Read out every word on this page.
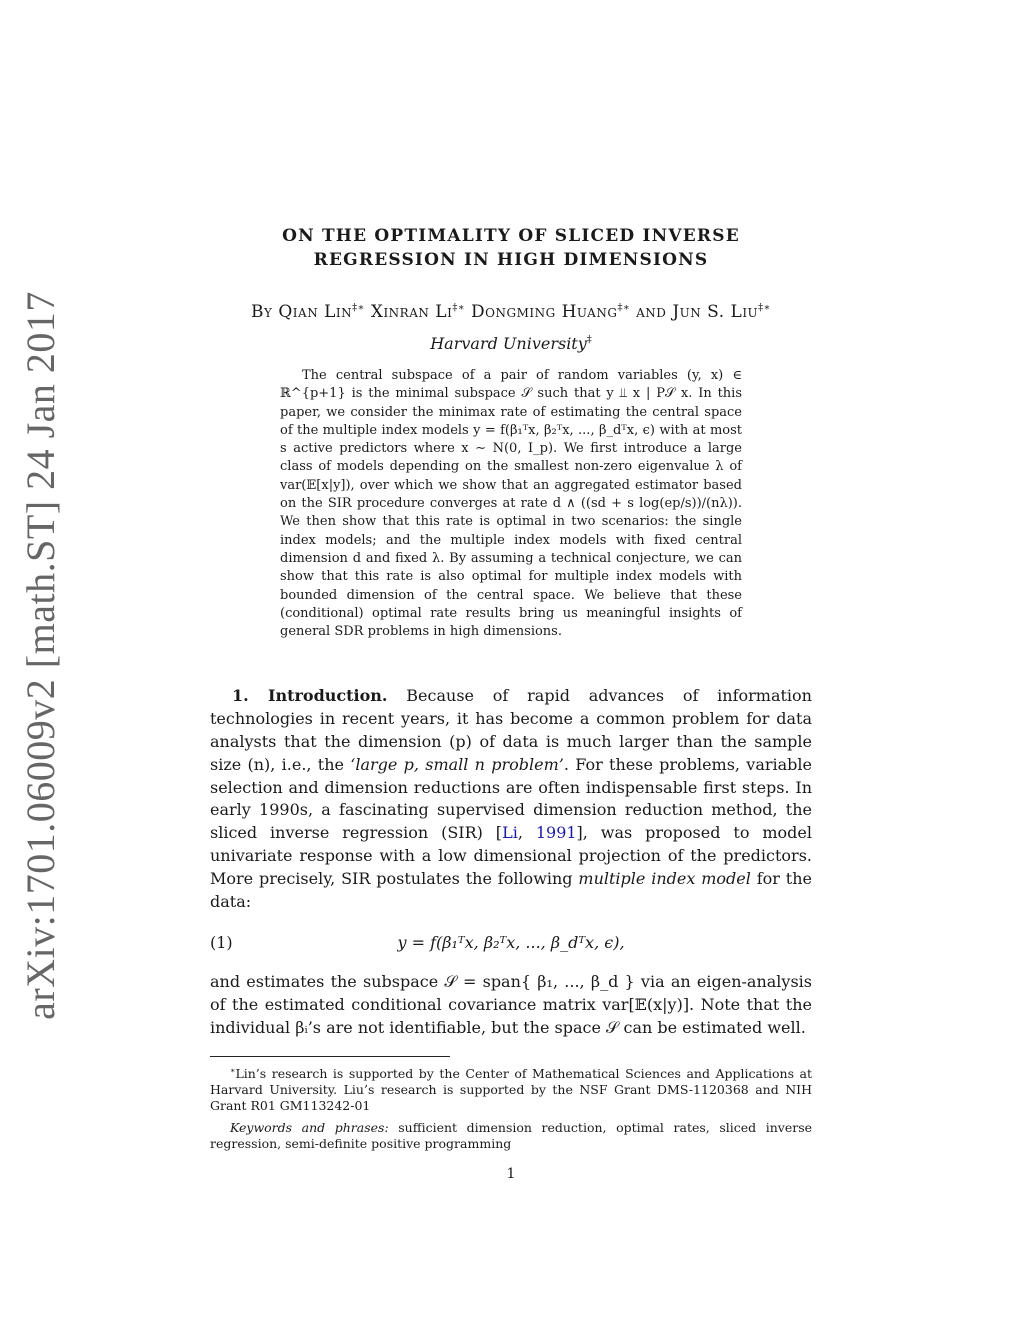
arXiv:1701.06009v2 [math.ST] 24 Jan 2017
ON THE OPTIMALITY OF SLICED INVERSE
REGRESSION IN HIGH DIMENSIONS
By Qian Lin‡∗ Xinran Li‡∗ Dongming Huang‡∗ and Jun S. Liu‡∗
Harvard University‡
The central subspace of a pair of random variables (y, x) ∈ ℝ^{p+1} is the minimal subspace 𝒮 such that y ⫫ x | P𝒮 x. In this paper, we consider the minimax rate of estimating the central space of the multiple index models y = f(β₁ᵀx, β₂ᵀx, ..., β_dᵀx, ϵ) with at most s active predictors where x ∼ N(0, I_p). We first introduce a large class of models depending on the smallest non-zero eigenvalue λ of var(𝔼[x|y]), over which we show that an aggregated estimator based on the SIR procedure converges at rate d ∧ ((sd + s log(ep/s))/(nλ)). We then show that this rate is optimal in two scenarios: the single index models; and the multiple index models with fixed central dimension d and fixed λ. By assuming a technical conjecture, we can show that this rate is also optimal for multiple index models with bounded dimension of the central space. We believe that these (conditional) optimal rate results bring us meaningful insights of general SDR problems in high dimensions.
1. Introduction. Because of rapid advances of information technologies in recent years, it has become a common problem for data analysts that the dimension (p) of data is much larger than the sample size (n), i.e., the ‘large p, small n problem’. For these problems, variable selection and dimension reductions are often indispensable first steps. In early 1990s, a fascinating supervised dimension reduction method, the sliced inverse regression (SIR) [Li, 1991], was proposed to model univariate response with a low dimensional projection of the predictors. More precisely, SIR postulates the following multiple index model for the data:
(1)	y = f(β₁ᵀx, β₂ᵀx, ..., β_dᵀx, ϵ),
and estimates the subspace 𝒮 = span{ β₁, ..., β_d } via an eigen-analysis of the estimated conditional covariance matrix var[𝔼(x|y)]. Note that the individual βᵢ’s are not identifiable, but the space 𝒮 can be estimated well.
∗Lin’s research is supported by the Center of Mathematical Sciences and Applications at Harvard University. Liu’s research is supported by the NSF Grant DMS-1120368 and NIH Grant R01 GM113242-01
Keywords and phrases: sufficient dimension reduction, optimal rates, sliced inverse regression, semi-definite positive programming
1
